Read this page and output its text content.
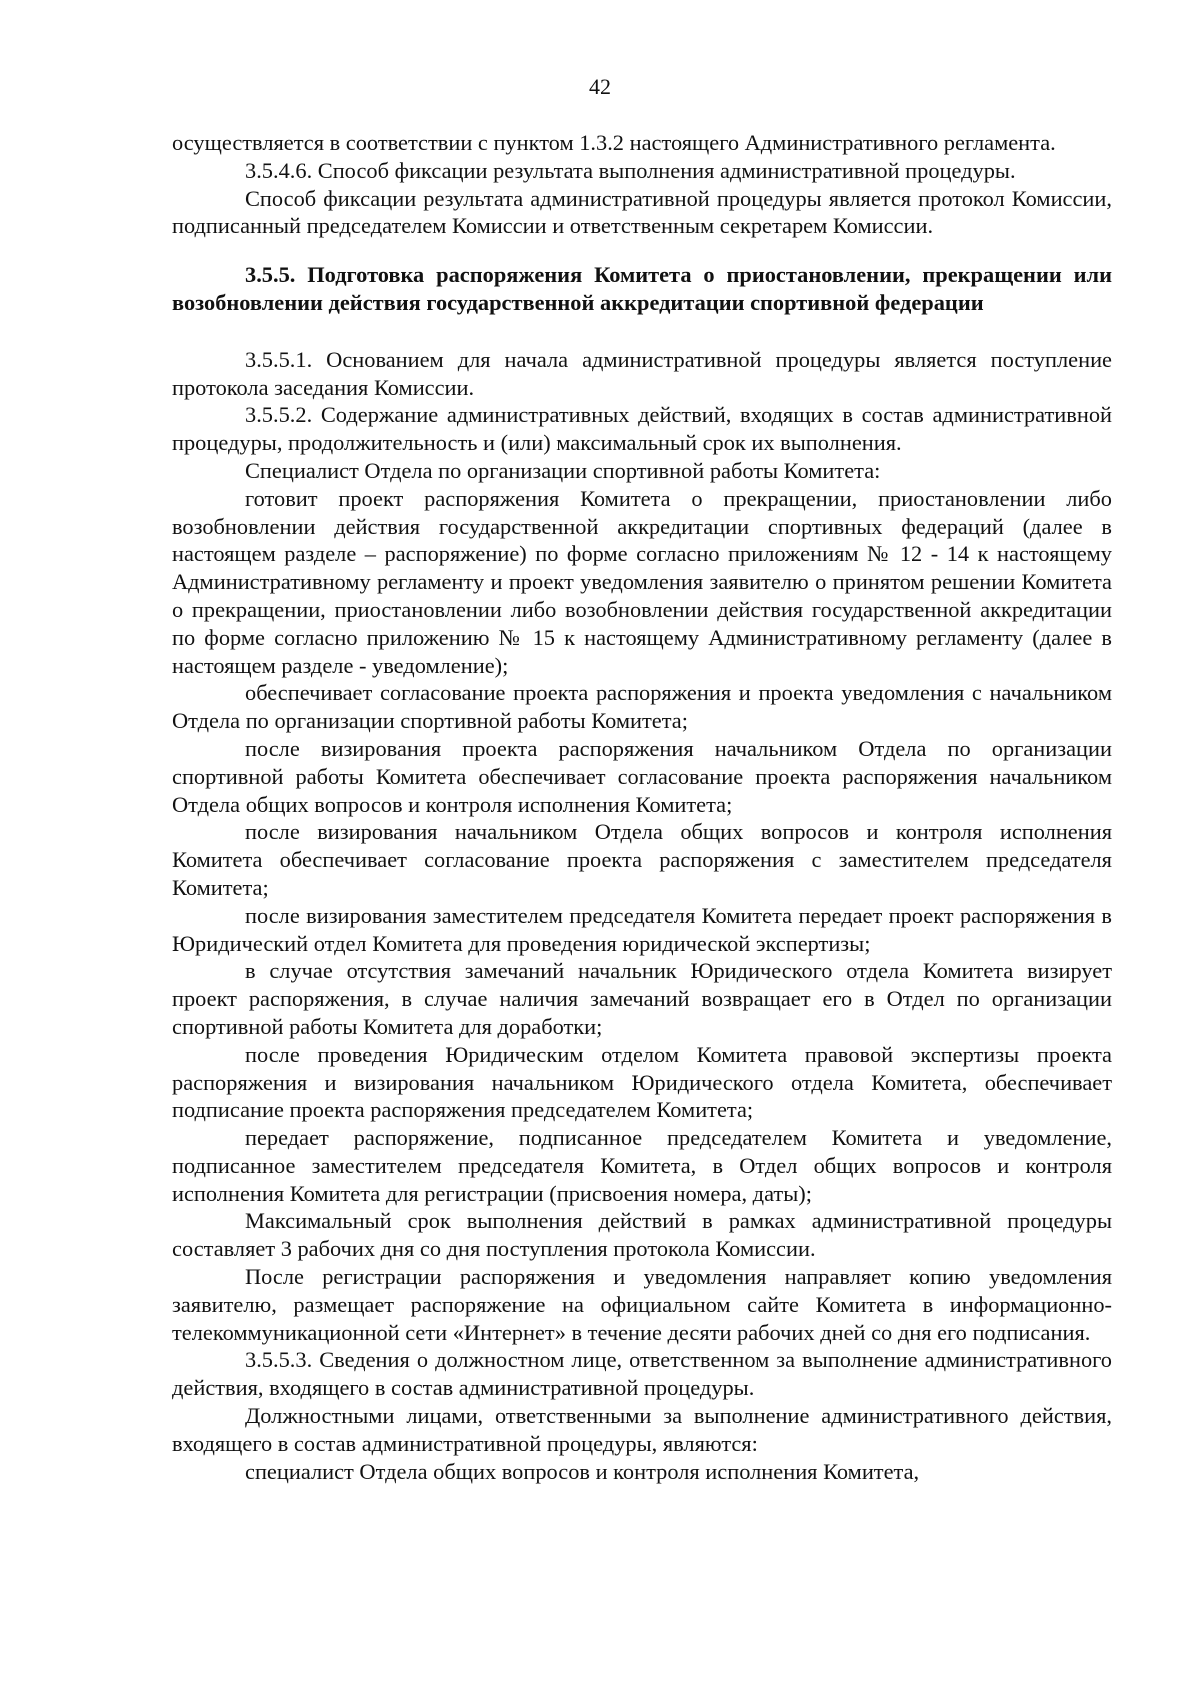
42

осуществляется в соответствии с пунктом 1.3.2 настоящего Административного регламента.

3.5.4.6. Способ фиксации результата выполнения административной процедуры.

Способ фиксации результата административной процедуры является протокол Комиссии, подписанный председателем Комиссии и ответственным секретарем Комиссии.

3.5.5. Подготовка распоряжения Комитета о приостановлении, прекращении или возобновлении действия государственной аккредитации спортивной федерации

3.5.5.1. Основанием для начала административной процедуры является поступление протокола заседания Комиссии.

3.5.5.2. Содержание административных действий, входящих в состав административной процедуры, продолжительность и (или) максимальный срок их выполнения.

Специалист Отдела по организации спортивной работы Комитета:

готовит проект распоряжения Комитета о прекращении, приостановлении либо возобновлении действия государственной аккредитации спортивных федераций (далее в настоящем разделе – распоряжение) по форме согласно приложениям № 12 - 14 к настоящему Административному регламенту и проект уведомления заявителю о принятом решении Комитета о прекращении, приостановлении либо возобновлении действия государственной аккредитации по форме согласно приложению № 15 к настоящему Административному регламенту (далее в настоящем разделе - уведомление);

обеспечивает согласование проекта распоряжения и проекта уведомления с начальником Отдела по организации спортивной работы Комитета;

после визирования проекта распоряжения начальником Отдела по организации спортивной работы Комитета обеспечивает согласование проекта распоряжения начальником Отдела общих вопросов и контроля исполнения Комитета;

после визирования начальником Отдела общих вопросов и контроля исполнения Комитета обеспечивает согласование проекта распоряжения с заместителем председателя Комитета;

после визирования заместителем председателя Комитета передает проект распоряжения в Юридический отдел Комитета для проведения юридической экспертизы;

в случае отсутствия замечаний начальник Юридического отдела Комитета визирует проект распоряжения, в случае наличия замечаний возвращает его в Отдел по организации спортивной работы Комитета для доработки;

после проведения Юридическим отделом Комитета правовой экспертизы проекта распоряжения и визирования начальником Юридического отдела Комитета, обеспечивает подписание проекта распоряжения председателем Комитета;

передает распоряжение, подписанное председателем Комитета и уведомление, подписанное заместителем председателя Комитета, в Отдел общих вопросов и контроля исполнения Комитета для регистрации (присвоения номера, даты);

Максимальный срок выполнения действий в рамках административной процедуры составляет 3 рабочих дня со дня поступления протокола Комиссии.

После регистрации распоряжения и уведомления направляет копию уведомления заявителю, размещает распоряжение на официальном сайте Комитета в информационно-телекоммуникационной сети «Интернет» в течение десяти рабочих дней со дня его подписания.

3.5.5.3. Сведения о должностном лице, ответственном за выполнение административного действия, входящего в состав административной процедуры.

Должностными лицами, ответственными за выполнение административного действия, входящего в состав административной процедуры, являются:

специалист Отдела общих вопросов и контроля исполнения Комитета,
